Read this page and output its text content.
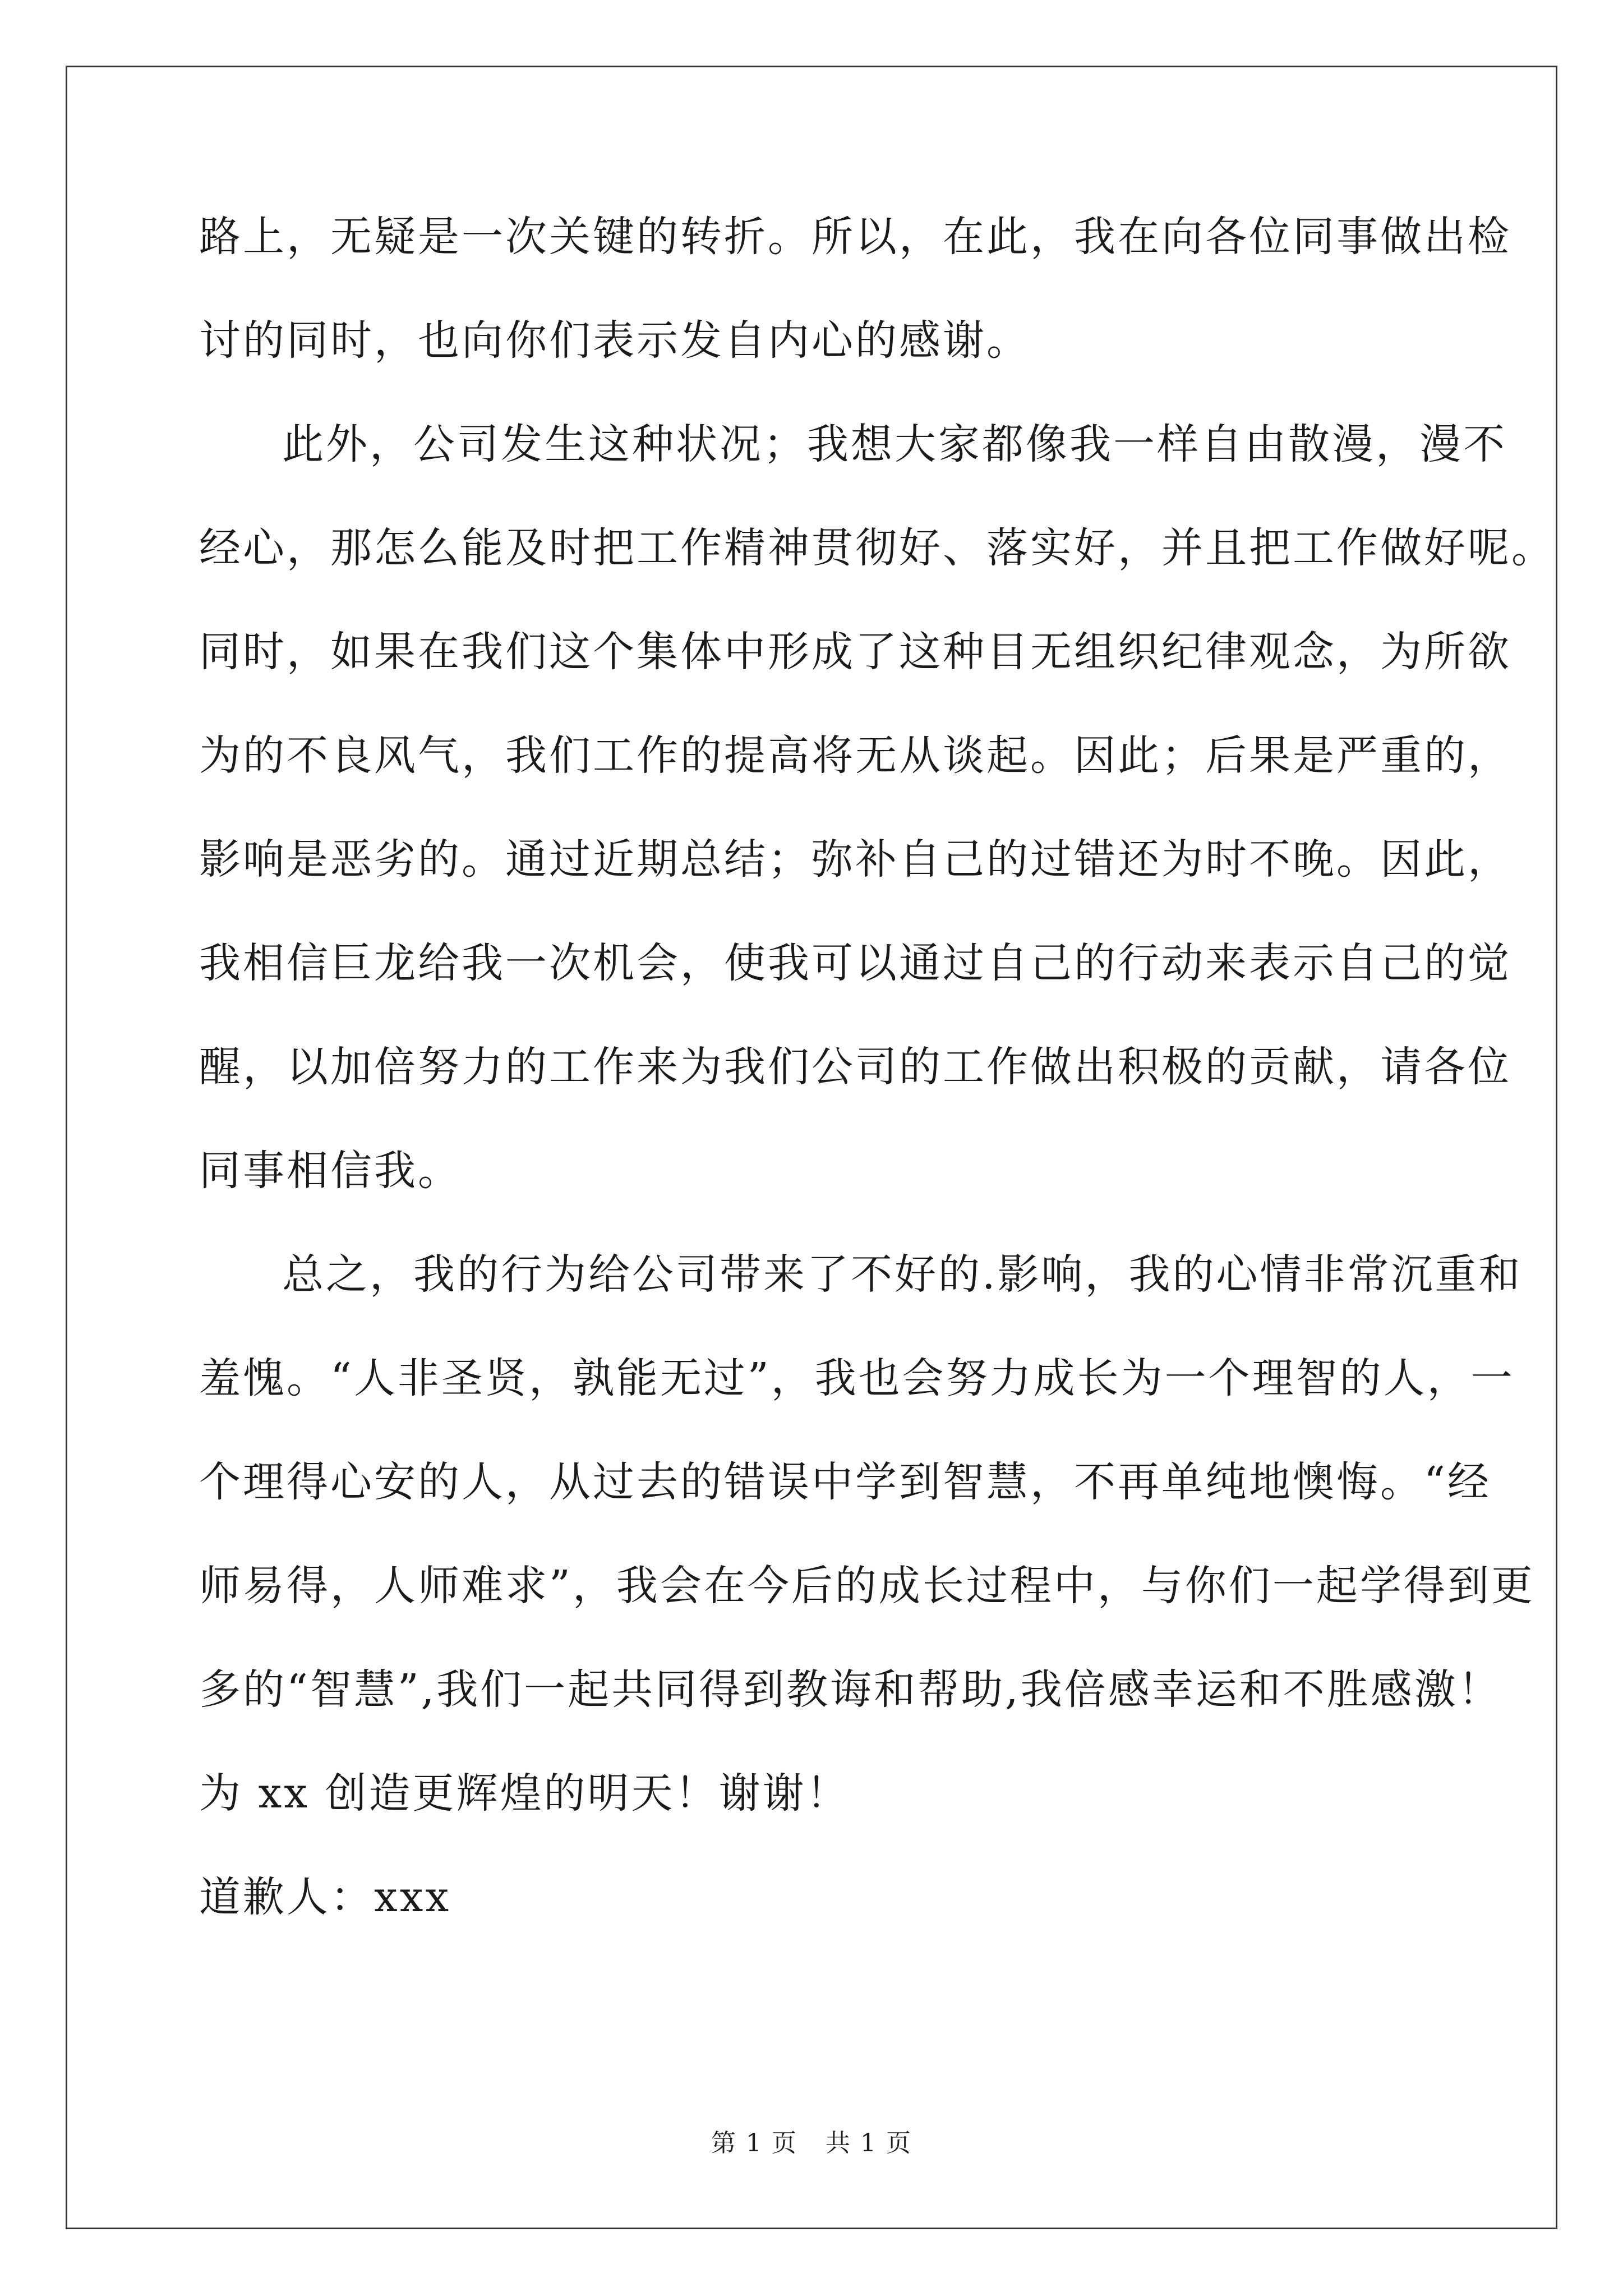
路上，无疑是一次关键的转折。所以，在此，我在向各位同事做出检
讨的同时，也向你们表示发自内心的感谢。
此外，公司发生这种状况；我想大家都像我一样自由散漫，漫不
经心，那怎么能及时把工作精神贯彻好、落实好，并且把工作做好呢。
同时，如果在我们这个集体中形成了这种目无组织纪律观念，为所欲
为的不良风气，我们工作的提高将无从谈起。因此；后果是严重的，
影响是恶劣的。通过近期总结；弥补自己的过错还为时不晚。因此，
我相信巨龙给我一次机会，使我可以通过自己的行动来表示自己的觉
醒，以加倍努力的工作来为我们公司的工作做出积极的贡献，请各位
同事相信我。
总之，我的行为给公司带来了不好的.影响，我的心情非常沉重和
羞愧。“人非圣贤，孰能无过”，我也会努力成长为一个理智的人，一
个理得心安的人，从过去的错误中学到智慧，不再单纯地懊悔。“经
师易得，人师难求”，我会在今后的成长过程中，与你们一起学得到更
多的“智慧”,我们一起共同得到教诲和帮助,我倍感幸运和不胜感激！
为 xx 创造更辉煌的明天！谢谢！
道歉人：xxx
第 1 页 共 1 页
